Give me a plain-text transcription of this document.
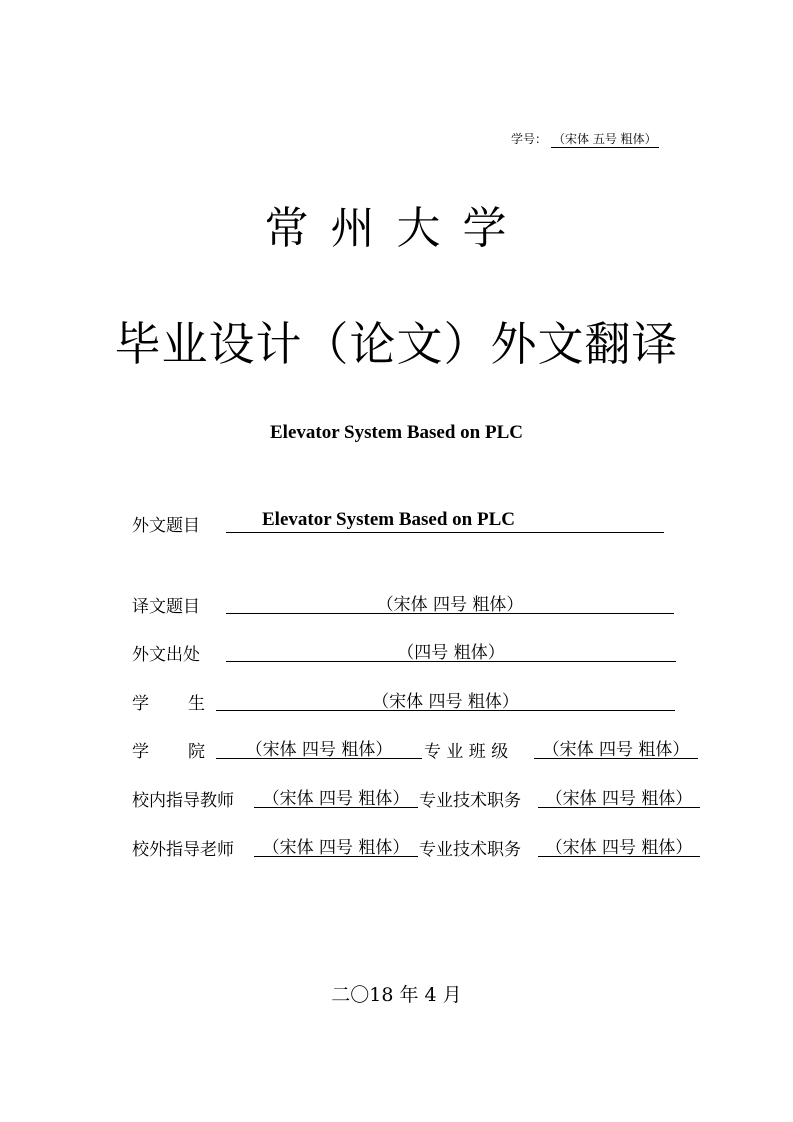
学号： （宋体 五号 粗体）
常州大学
毕业设计（论文）外文翻译
Elevator System Based on PLC
外文题目	Elevator System Based on PLC
译文题目	（宋体 四号 粗体）
外文出处	（四号 粗体）
学 生	（宋体 四号 粗体）
学 院	（宋体 四号 粗体）	专 业 班 级	（宋体 四号 粗体）
校内指导教师	（宋体 四号 粗体） 专业技术职务	（宋体 四号 粗体）
校外指导老师	（宋体 四号 粗体） 专业技术职务	（宋体 四号 粗体）
二〇18 年 4 月
